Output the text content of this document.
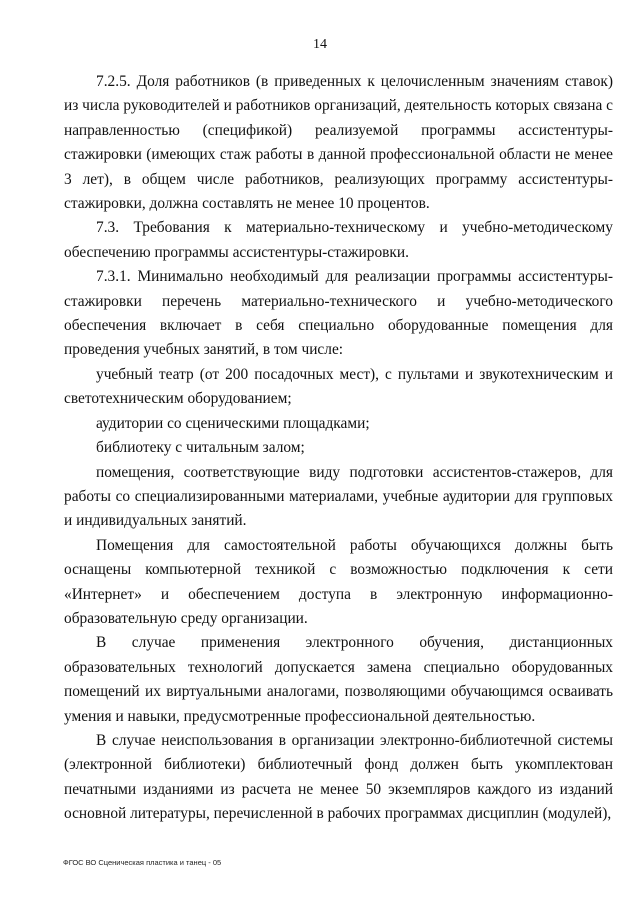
14

7.2.5. Доля работников (в приведенных к целочисленным значениям ставок) из числа руководителей и работников организаций, деятельность которых связана с направленностью (спецификой) реализуемой программы ассистентуры-стажировки (имеющих стаж работы в данной профессиональной области не менее 3 лет), в общем числе работников, реализующих программу ассистентуры-стажировки, должна составлять не менее 10 процентов.

7.3. Требования к материально-техническому и учебно-методическому обеспечению программы ассистентуры-стажировки.

7.3.1. Минимально необходимый для реализации программы ассистентуры-стажировки перечень материально-технического и учебно-методического обеспечения включает в себя специально оборудованные помещения для проведения учебных занятий, в том числе:

учебный театр (от 200 посадочных мест), с пультами и звукотехническим и светотехническим оборудованием;

аудитории со сценическими площадками;

библиотеку с читальным залом;

помещения, соответствующие виду подготовки ассистентов-стажеров, для работы со специализированными материалами, учебные аудитории для групповых и индивидуальных занятий.

Помещения для самостоятельной работы обучающихся должны быть оснащены компьютерной техникой с возможностью подключения к сети «Интернет» и обеспечением доступа в электронную информационно-образовательную среду организации.

В случае применения электронного обучения, дистанционных образовательных технологий допускается замена специально оборудованных помещений их виртуальными аналогами, позволяющими обучающимся осваивать умения и навыки, предусмотренные профессиональной деятельностью.

В случае неиспользования в организации электронно-библиотечной системы (электронной библиотеки) библиотечный фонд должен быть укомплектован печатными изданиями из расчета не менее 50 экземпляров каждого из изданий основной литературы, перечисленной в рабочих программах дисциплин (модулей),

ФГОС ВО Сценическая пластика и танец - 05
